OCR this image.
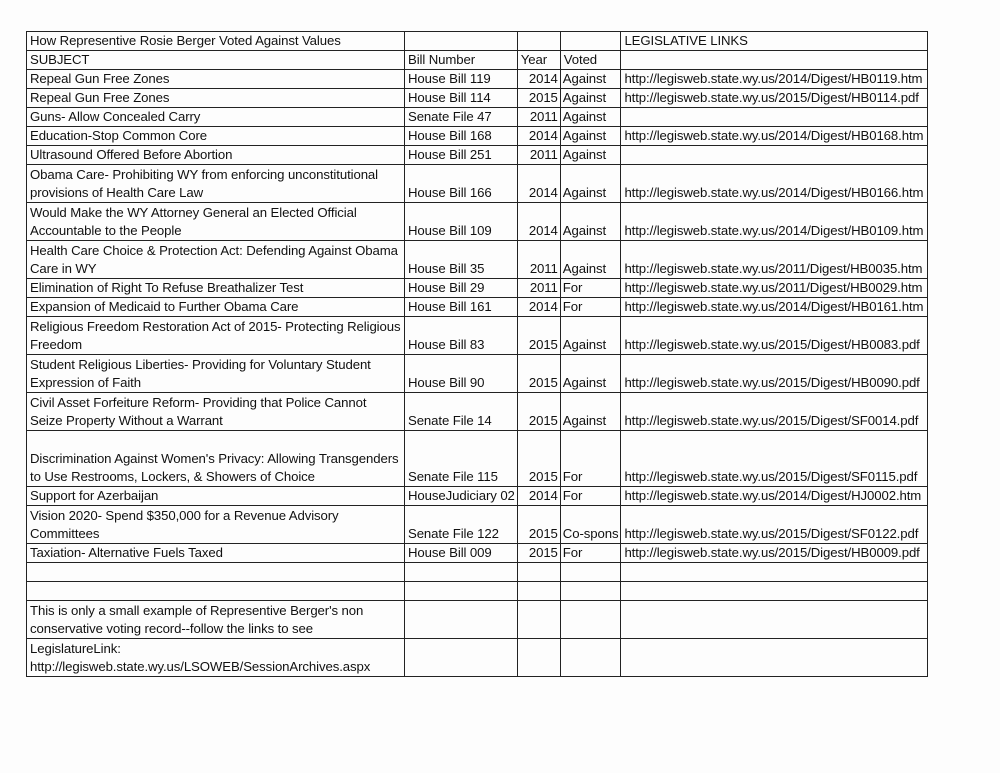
How Representive Rosie Berger Voted Against Values				LEGISLATIVE LINKS
SUBJECT	Bill Number	Year	Voted	
Repeal Gun Free Zones	House Bill 119	2014	Against	http://legisweb.state.wy.us/2014/Digest/HB0119.htm
Repeal Gun Free Zones	House Bill 114	2015	Against	http://legisweb.state.wy.us/2015/Digest/HB0114.pdf
Guns- Allow Concealed Carry	Senate File 47	2011	Against	
Education-Stop Common Core	House Bill 168	2014	Against	http://legisweb.state.wy.us/2014/Digest/HB0168.htm
Ultrasound Offered Before Abortion	House Bill 251	2011	Against	
Obama Care- Prohibiting WY from enforcing unconstitutional provisions of Health Care Law	House Bill 166	2014	Against	http://legisweb.state.wy.us/2014/Digest/HB0166.htm
Would Make the WY Attorney General an Elected Official Accountable to the People	House Bill 109	2014	Against	http://legisweb.state.wy.us/2014/Digest/HB0109.htm
Health Care Choice & Protection Act: Defending Against Obama Care in WY	House Bill 35	2011	Against	http://legisweb.state.wy.us/2011/Digest/HB0035.htm
Elimination of Right To Refuse Breathalizer Test	House Bill 29	2011	For	http://legisweb.state.wy.us/2011/Digest/HB0029.htm
Expansion of Medicaid to Further Obama Care	House Bill 161	2014	For	http://legisweb.state.wy.us/2014/Digest/HB0161.htm
Religious Freedom Restoration Act of 2015- Protecting Religious Freedom	House Bill 83	2015	Against	http://legisweb.state.wy.us/2015/Digest/HB0083.pdf
Student Religious Liberties- Providing for Voluntary Student Expression of Faith	House Bill 90	2015	Against	http://legisweb.state.wy.us/2015/Digest/HB0090.pdf
Civil Asset Forfeiture Reform- Providing that Police Cannot Seize Property Without a Warrant	Senate File 14	2015	Against	http://legisweb.state.wy.us/2015/Digest/SF0014.pdf
Discrimination Against Women's Privacy: Allowing Transgenders to Use Restrooms, Lockers, & Showers of Choice	Senate File 115	2015	For	http://legisweb.state.wy.us/2015/Digest/SF0115.pdf
Support for Azerbaijan	HouseJudiciary 02	2014	For	http://legisweb.state.wy.us/2014/Digest/HJ0002.htm
Vision 2020- Spend $350,000 for a Revenue Advisory Committees	Senate File 122	2015	Co-spons	http://legisweb.state.wy.us/2015/Digest/SF0122.pdf
Taxiation- Alternative Fuels Taxed	House Bill 009	2015	For	http://legisweb.state.wy.us/2015/Digest/HB0009.pdf

This is only a small example of Representive Berger's non conservative voting record--follow the links to see				

LegislatureLink:
http://legisweb.state.wy.us/LSOWEB/SessionArchives.aspx				
